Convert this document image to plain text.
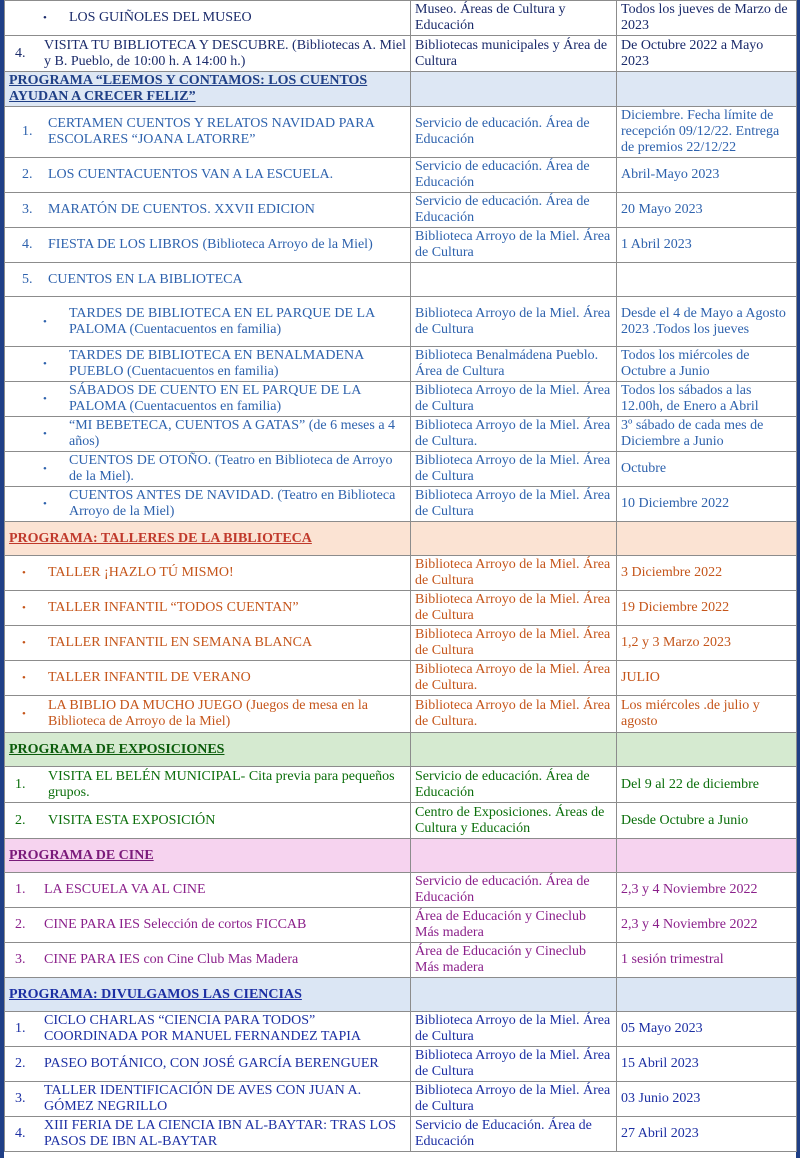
• LOS GUIÑOLES DEL MUSEO	Museo. Áreas de Cultura y Educación	Todos los jueves de Marzo de 2023

4.
VISITA TU BIBLIOTECA Y DESCUBRE. (Bibliotecas A. Miel y B. Pueblo, de 10:00 h. A 14:00 h.)	Bibliotecas municipales y Área de Cultura	De Octubre 2022 a Mayo 2023
PROGRAMA “LEEMOS Y CONTAMOS: LOS CUENTOS AYUDAN A CRECER FELIZ”		

1.
CERTAMEN CUENTOS Y RELATOS NAVIDAD PARA ESCOLARES “JOANA LATORRE”	Servicio de educación. Área de Educación	Diciembre. Fecha límite de recepción 09/12/22. Entrega de premios 22/12/22

2. LOS CUENTACUENTOS VAN A LA ESCUELA.	Servicio de educación. Área de Educación	Abril-Mayo 2023

3. MARATÓN DE CUENTOS. XXVII EDICION	Servicio de educación. Área de Educación	20 Mayo 2023

4. FIESTA DE LOS LIBROS (Biblioteca Arroyo de la Miel)	Biblioteca Arroyo de la Miel. Área de Cultura	1 Abril 2023

5. CUENTOS EN LA BIBLIOTECA		

•
TARDES DE BIBLIOTECA EN EL PARQUE DE LA PALOMA (Cuentacuentos en familia)	Biblioteca Arroyo de la Miel. Área de Cultura	Desde el 4 de Mayo a Agosto 2023 .Todos los jueves

•
TARDES DE BIBLIOTECA EN BENALMADENA PUEBLO (Cuentacuentos en familia)	Biblioteca Benalmádena Pueblo. Área de Cultura	Todos los miércoles de Octubre a Junio

•
SÁBADOS DE CUENTO EN EL PARQUE DE LA PALOMA (Cuentacuentos en familia)	Biblioteca Arroyo de la Miel. Área de Cultura	Todos los sábados a las 12.00h, de Enero a Abril

•
“MI BEBETECA, CUENTOS A GATAS” (de 6 meses a 4 años)	Biblioteca Arroyo de la Miel. Área de Cultura.	3º sábado de cada mes de Diciembre a Junio

•
CUENTOS DE OTOÑO. (Teatro en Biblioteca de Arroyo de la Miel).	Biblioteca Arroyo de la Miel. Área de Cultura	Octubre

•
CUENTOS ANTES DE NAVIDAD. (Teatro en Biblioteca Arroyo de la Miel)	Biblioteca Arroyo de la Miel. Área de Cultura	10 Diciembre 2022
PROGRAMA: TALLERES DE LA BIBLIOTECA		

• TALLER ¡HAZLO TÚ MISMO!	Biblioteca Arroyo de la Miel. Área de Cultura	3 Diciembre 2022

• TALLER INFANTIL “TODOS CUENTAN”	Biblioteca Arroyo de la Miel. Área de Cultura	19 Diciembre 2022

• TALLER INFANTIL EN SEMANA BLANCA	Biblioteca Arroyo de la Miel. Área de Cultura	1,2 y 3 Marzo 2023

• TALLER INFANTIL DE VERANO	Biblioteca Arroyo de la Miel. Área de Cultura.	JULIO

•
LA BIBLIO DA MUCHO JUEGO (Juegos de mesa en la Biblioteca de Arroyo de la Miel)	Biblioteca Arroyo de la Miel. Área de Cultura.	Los miércoles .de julio y agosto
PROGRAMA DE EXPOSICIONES		

1.
VISITA EL BELÉN MUNICIPAL- Cita previa para pequeños grupos.	Servicio de educación. Área de Educación	Del 9 al 22 de diciembre

2. VISITA ESTA EXPOSICIÓN	Centro de Exposiciones. Áreas de Cultura y Educación	Desde Octubre a Junio
PROGRAMA DE CINE		

1. LA ESCUELA VA AL CINE	Servicio de educación. Área de Educación	2,3 y 4 Noviembre 2022

2. CINE PARA IES Selección de cortos FICCAB	Área de Educación y Cineclub Más madera	2,3 y 4 Noviembre 2022

3. CINE PARA IES con Cine Club Mas Madera	Área de Educación y Cineclub Más madera	1 sesión trimestral
PROGRAMA: DIVULGAMOS LAS CIENCIAS		

1.
CICLO CHARLAS “CIENCIA PARA TODOS” COORDINADA POR MANUEL FERNANDEZ TAPIA	Biblioteca Arroyo de la Miel. Área de Cultura	05 Mayo 2023

2. PASEO BOTÁNICO, CON JOSÉ GARCÍA BERENGUER	Biblioteca Arroyo de la Miel. Área de Cultura	15 Abril 2023

3.
TALLER IDENTIFICACIÓN DE AVES CON JUAN A. GÓMEZ NEGRILLO	Biblioteca Arroyo de la Miel. Área de Cultura	03 Junio 2023

4.
XIII FERIA DE LA CIENCIA IBN AL-BAYTAR: TRAS LOS PASOS DE IBN AL-BAYTAR	Servicio de Educación. Área de Educación	27 Abril 2023
